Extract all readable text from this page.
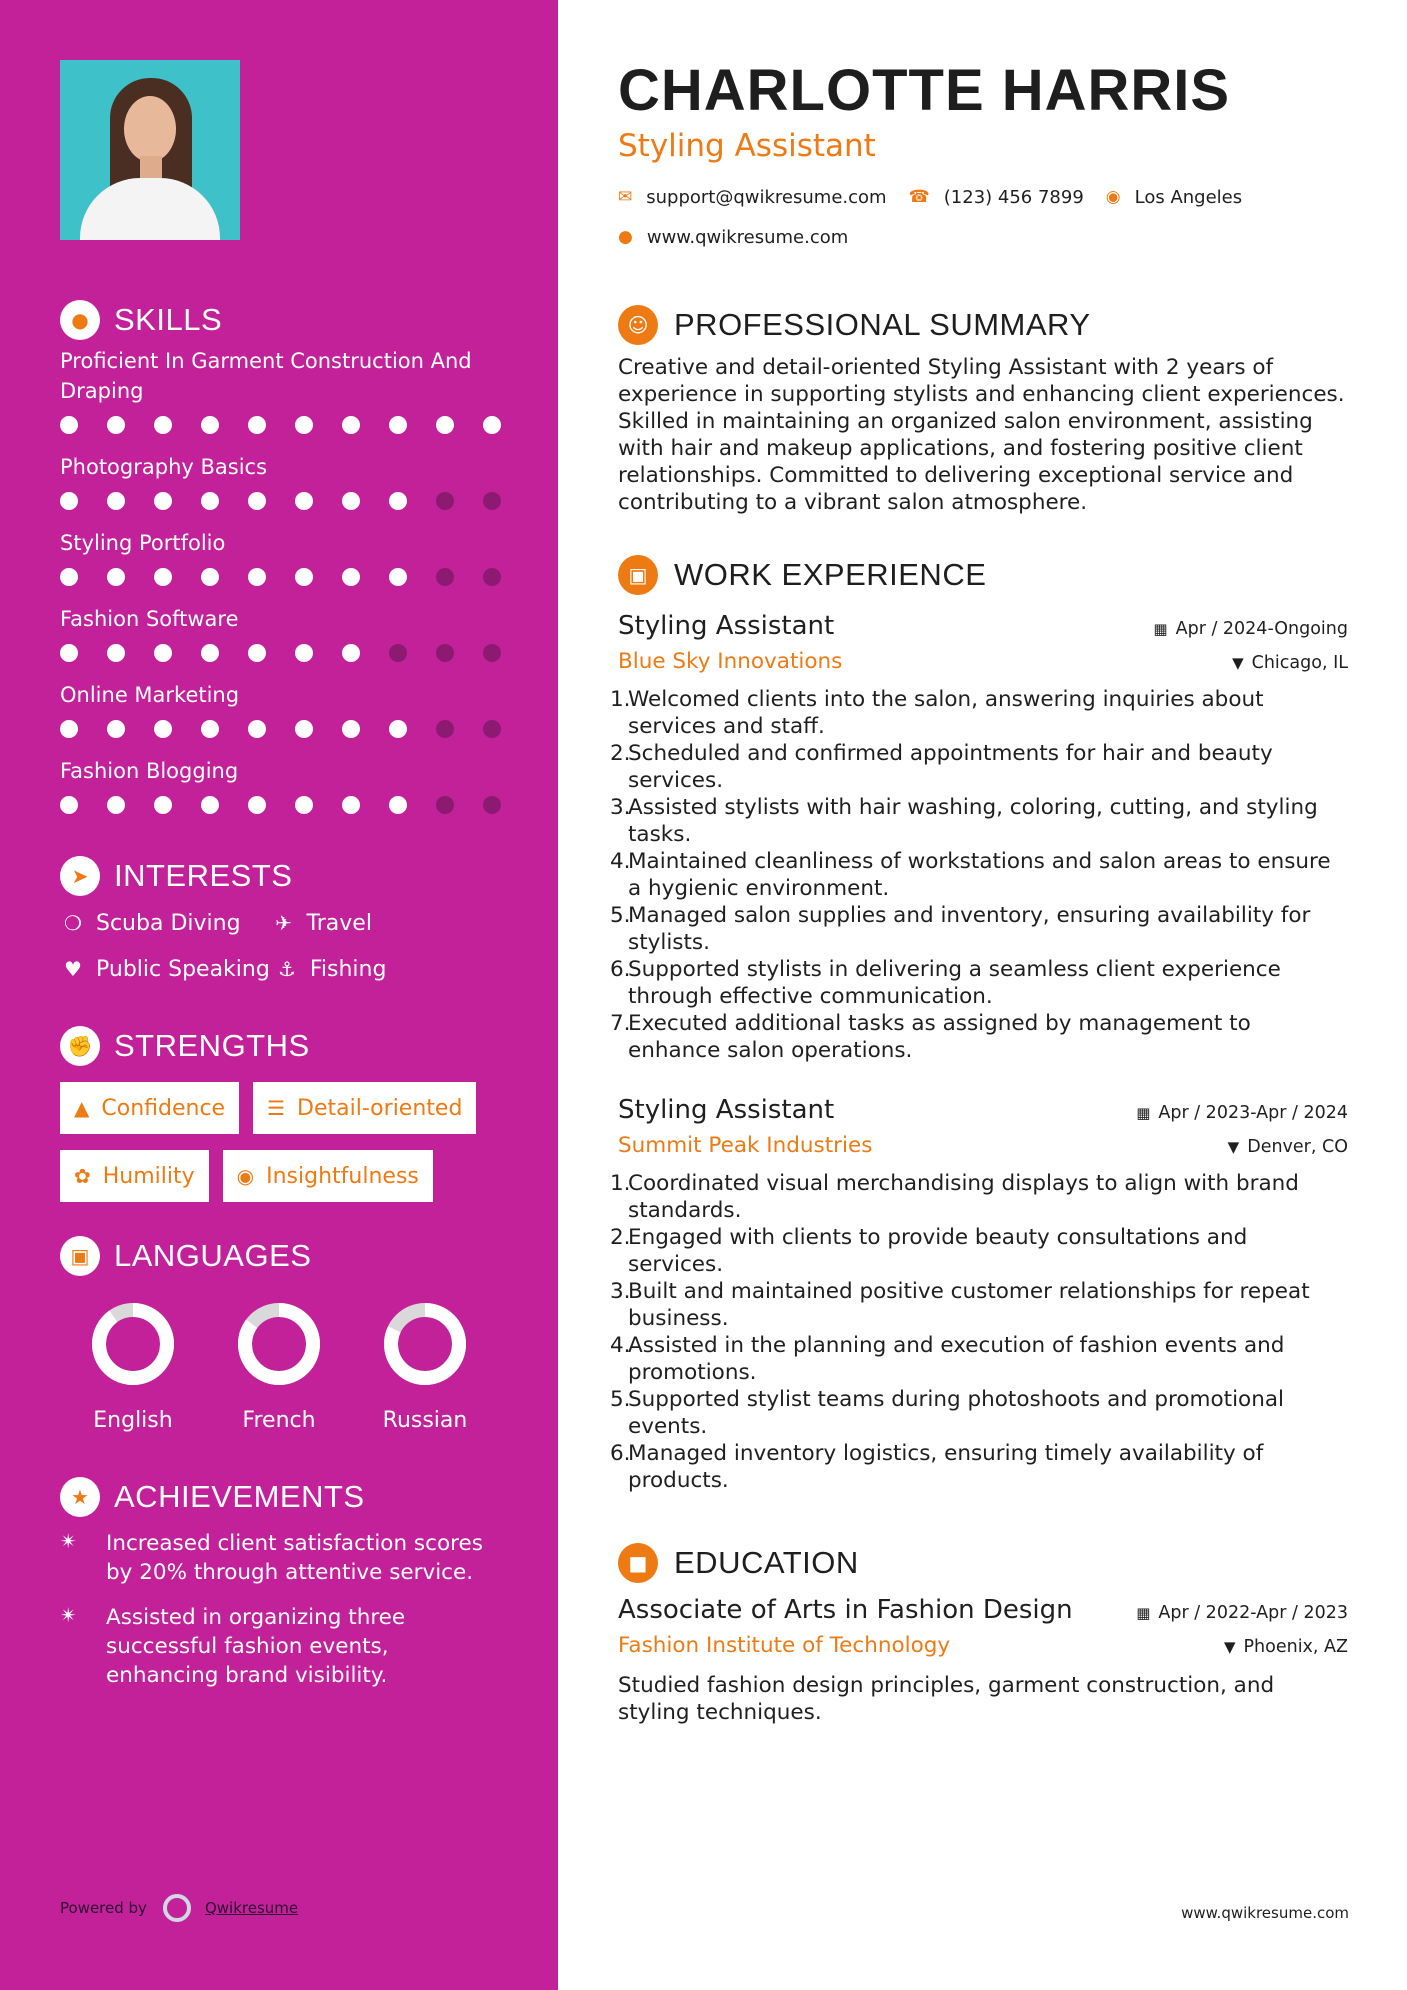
● SKILLS
Proficient In Garment Construction And Draping
Photography Basics
Styling Portfolio
Fashion Software
Online Marketing
Fashion Blogging
➤ INTERESTS
❍ Scuba Diving ✈ Travel
♥ Public Speaking ⚓ Fishing
✊ STRENGTHS
▲ Confidence ☰ Detail-oriented
✿ Humility ◉ Insightfulness
▣ LANGUAGES
English	French	Russian
★ ACHIEVEMENTS
✴	Increased client satisfaction scores by 20% through attentive service.
✴	Assisted in organizing three successful fashion events, enhancing brand visibility.
Powered by	Qwikresume
CHARLOTTE HARRIS
Styling Assistant
✉ support@qwikresume.com ☎ (123) 456 7899 ◉ Los Angeles
● www.qwikresume.com
☺ PROFESSIONAL SUMMARY

Creative and detail-oriented Styling Assistant with 2 years of experience in supporting stylists and enhancing client experiences. Skilled in maintaining an organized salon environment, assisting with hair and makeup applications, and fostering positive client relationships. Committed to delivering exceptional service and contributing to a vibrant salon atmosphere.

▣ WORK EXPERIENCE
Styling Assistant	▦ Apr / 2024-Ongoing
Blue Sky Innovations	▼ Chicago, IL
1.
Welcomed clients into the salon, answering inquiries about services and staff.
2.
Scheduled and confirmed appointments for hair and beauty services.
3.
Assisted stylists with hair washing, coloring, cutting, and styling tasks.
4.
Maintained cleanliness of workstations and salon areas to ensure a hygienic environment.
5.
Managed salon supplies and inventory, ensuring availability for stylists.
6.
Supported stylists in delivering a seamless client experience through effective communication.
7.
Executed additional tasks as assigned by management to enhance salon operations.
Styling Assistant	▦ Apr / 2023-Apr / 2024
Summit Peak Industries	▼ Denver, CO
1.
Coordinated visual merchandising displays to align with brand standards.
2.
Engaged with clients to provide beauty consultations and services.
3.
Built and maintained positive customer relationships for repeat business.
4.
Assisted in the planning and execution of fashion events and promotions.
5.
Supported stylist teams during photoshoots and promotional events.
6.
Managed inventory logistics, ensuring timely availability of products.
■ EDUCATION
Associate of Arts in Fashion Design	▦ Apr / 2022-Apr / 2023
Fashion Institute of Technology	▼ Phoenix, AZ

Studied fashion design principles, garment construction, and styling techniques.

www.qwikresume.com
